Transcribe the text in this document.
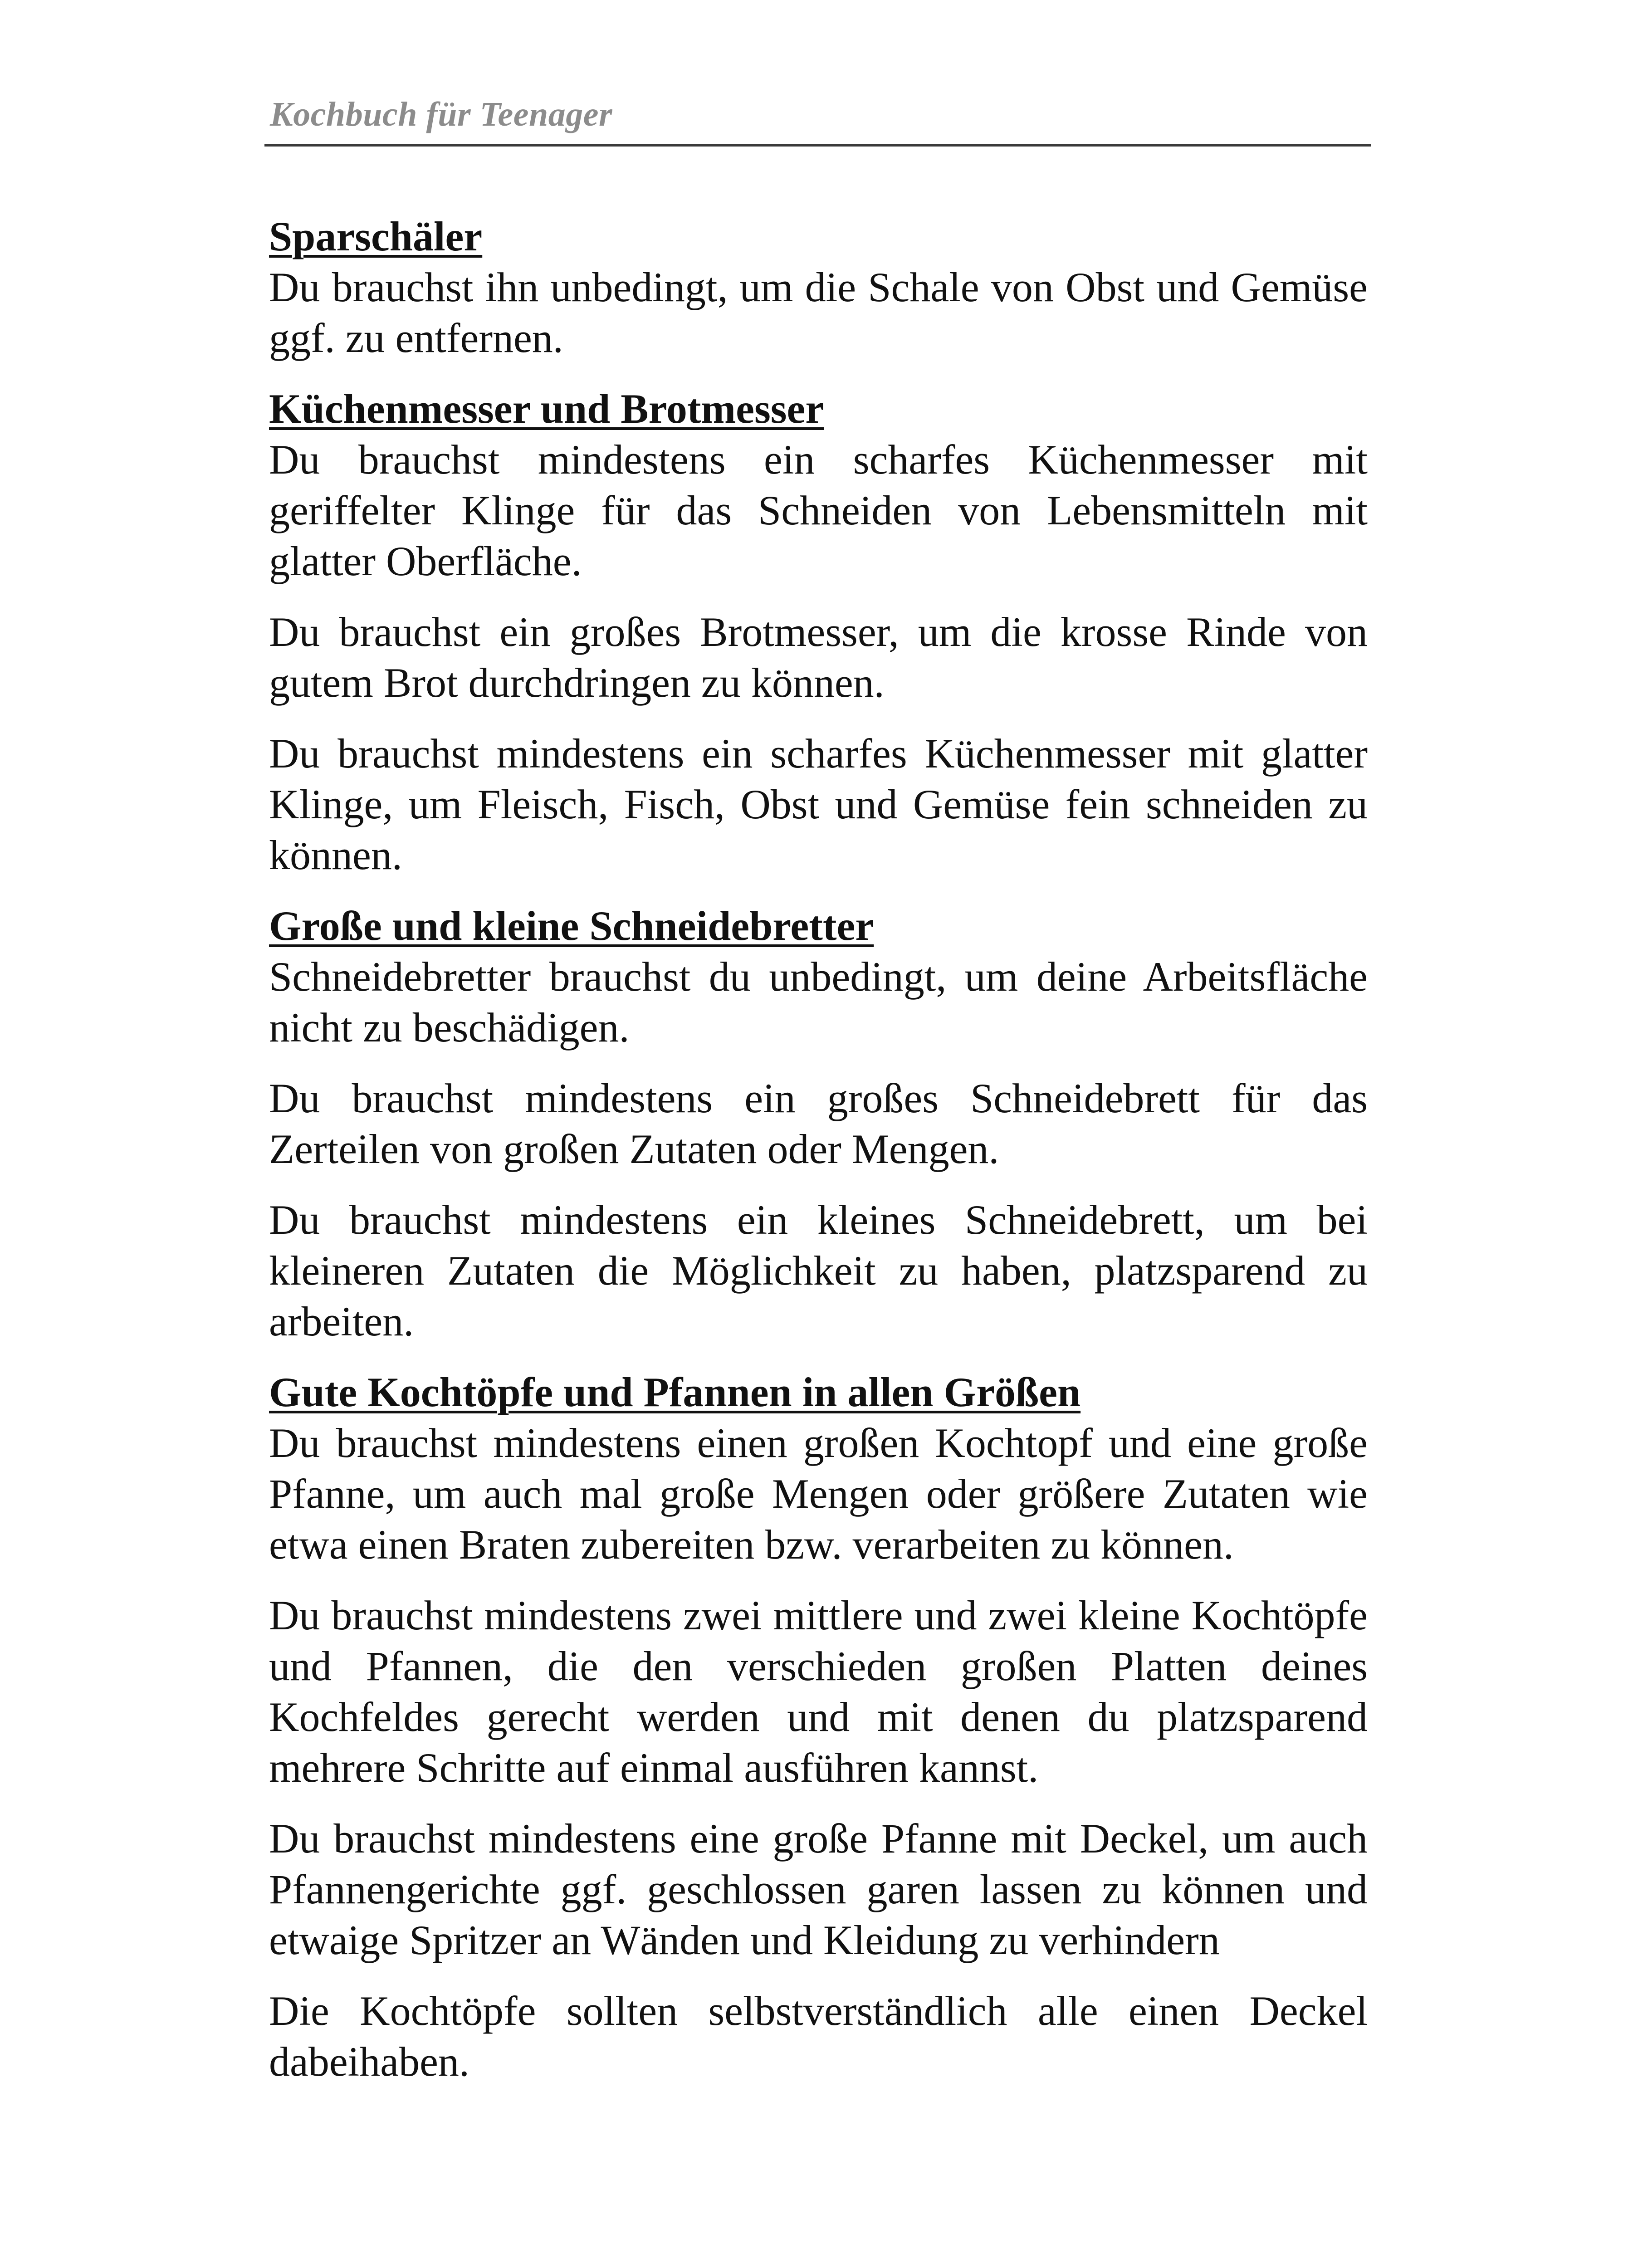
Kochbuch für Teenager
Sparschäler

Du brauchst ihn unbedingt, um die Schale von Obst und Gemüse ggf. zu entfernen.

Küchenmesser und Brotmesser

Du brauchst mindestens ein scharfes Küchenmesser mit geriffelter Klinge für das Schneiden von Lebensmitteln mit glatter Oberfläche.

Du brauchst ein großes Brotmesser, um die krosse Rinde von gutem Brot durchdringen zu können.

Du brauchst mindestens ein scharfes Küchenmesser mit glatter Klinge, um Fleisch, Fisch, Obst und Gemüse fein schneiden zu können.

Große und kleine Schneidebretter

Schneidebretter brauchst du unbedingt, um deine Arbeitsfläche nicht zu beschädigen.

Du brauchst mindestens ein großes Schneidebrett für das Zerteilen von großen Zutaten oder Mengen.

Du brauchst mindestens ein kleines Schneidebrett, um bei kleineren Zutaten die Möglichkeit zu haben, platzsparend zu arbeiten.

Gute Kochtöpfe und Pfannen in allen Größen

Du brauchst mindestens einen großen Kochtopf und eine große Pfanne, um auch mal große Mengen oder größere Zutaten wie etwa einen Braten zubereiten bzw. verarbeiten zu können.

Du brauchst mindestens zwei mittlere und zwei kleine Kochtöpfe und Pfannen, die den verschieden großen Platten deines Kochfeldes gerecht werden und mit denen du platzsparend mehrere Schritte auf einmal ausführen kannst.

Du brauchst mindestens eine große Pfanne mit Deckel, um auch Pfannengerichte ggf. geschlossen garen lassen zu können und etwaige Spritzer an Wänden und Kleidung zu verhindern

Die Kochtöpfe sollten selbstverständlich alle einen Deckel dabeihaben.
